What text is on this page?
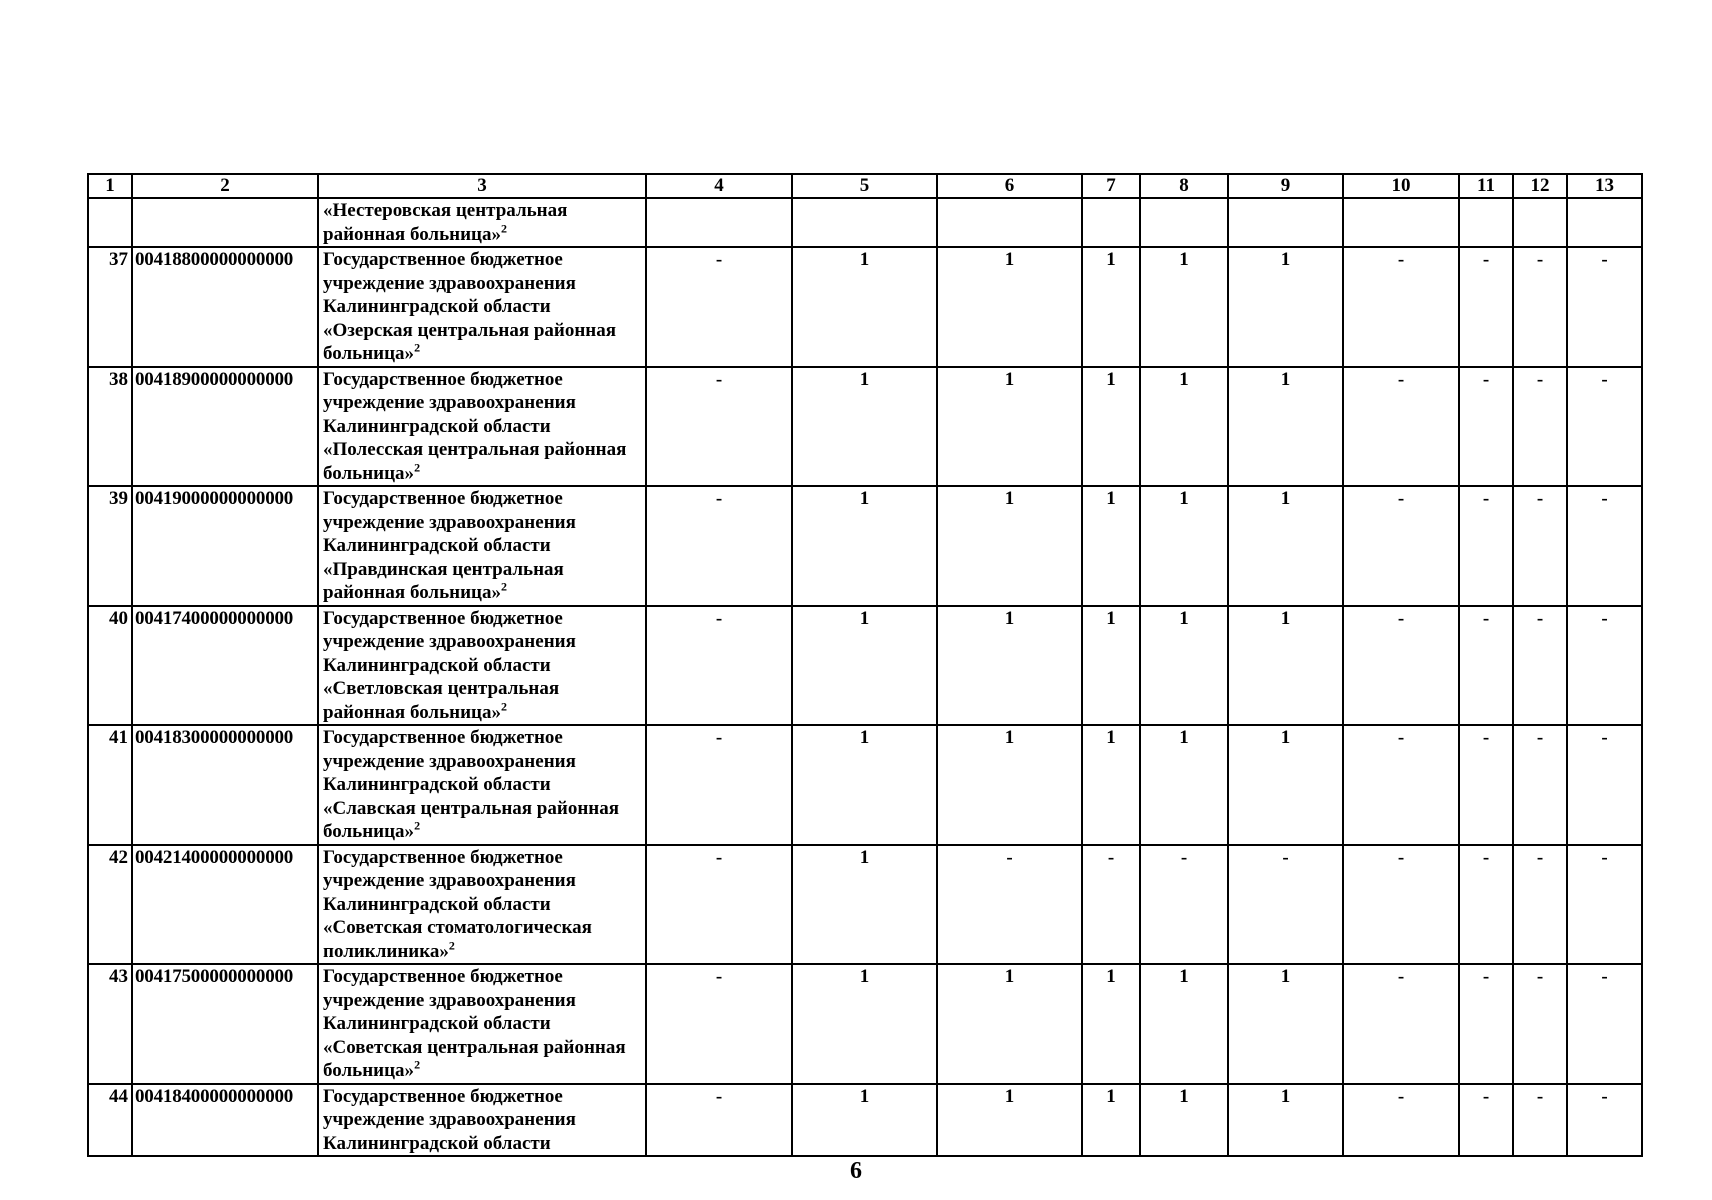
1	2	3	4	5	6	7	8	9	10	11	12	13

		«Нестеровская центральная
районная больница»$^2$

37	00418800000000000	Государственное бюджетное
учреждение здравоохранения
Калининградской области
«Озерская центральная районная
больница»$^2$	-	1	1	1	1	1	-	-	-	-
38	00418900000000000	Государственное бюджетное
учреждение здравоохранения
Калининградской области
«Полесская центральная районная
больница»$^2$	-	1	1	1	1	1	-	-	-	-
39	00419000000000000	Государственное бюджетное
учреждение здравоохранения
Калининградской области
«Правдинская центральная
районная больница»$^2$	-	1	1	1	1	1	-	-	-	-
40	00417400000000000	Государственное бюджетное
учреждение здравоохранения
Калининградской области
«Светловская центральная
районная больница»$^2$	-	1	1	1	1	1	-	-	-	-
41	00418300000000000	Государственное бюджетное
учреждение здравоохранения
Калининградской области
«Славская центральная районная
больница»$^2$	-	1	1	1	1	1	-	-	-	-
42	00421400000000000	Государственное бюджетное
учреждение здравоохранения
Калининградской области
«Советская стоматологическая
поликлиника»$^2$	-	1	-	-	-	-	-	-	-	-
43	00417500000000000	Государственное бюджетное
учреждение здравоохранения
Калининградской области
«Советская центральная районная
больница»$^2$	-	1	1	1	1	1	-	-	-	-
44	00418400000000000	Государственное бюджетное
учреждение здравоохранения
Калининградской области	-	1	1	1	1	1	-	-	-	-
6
